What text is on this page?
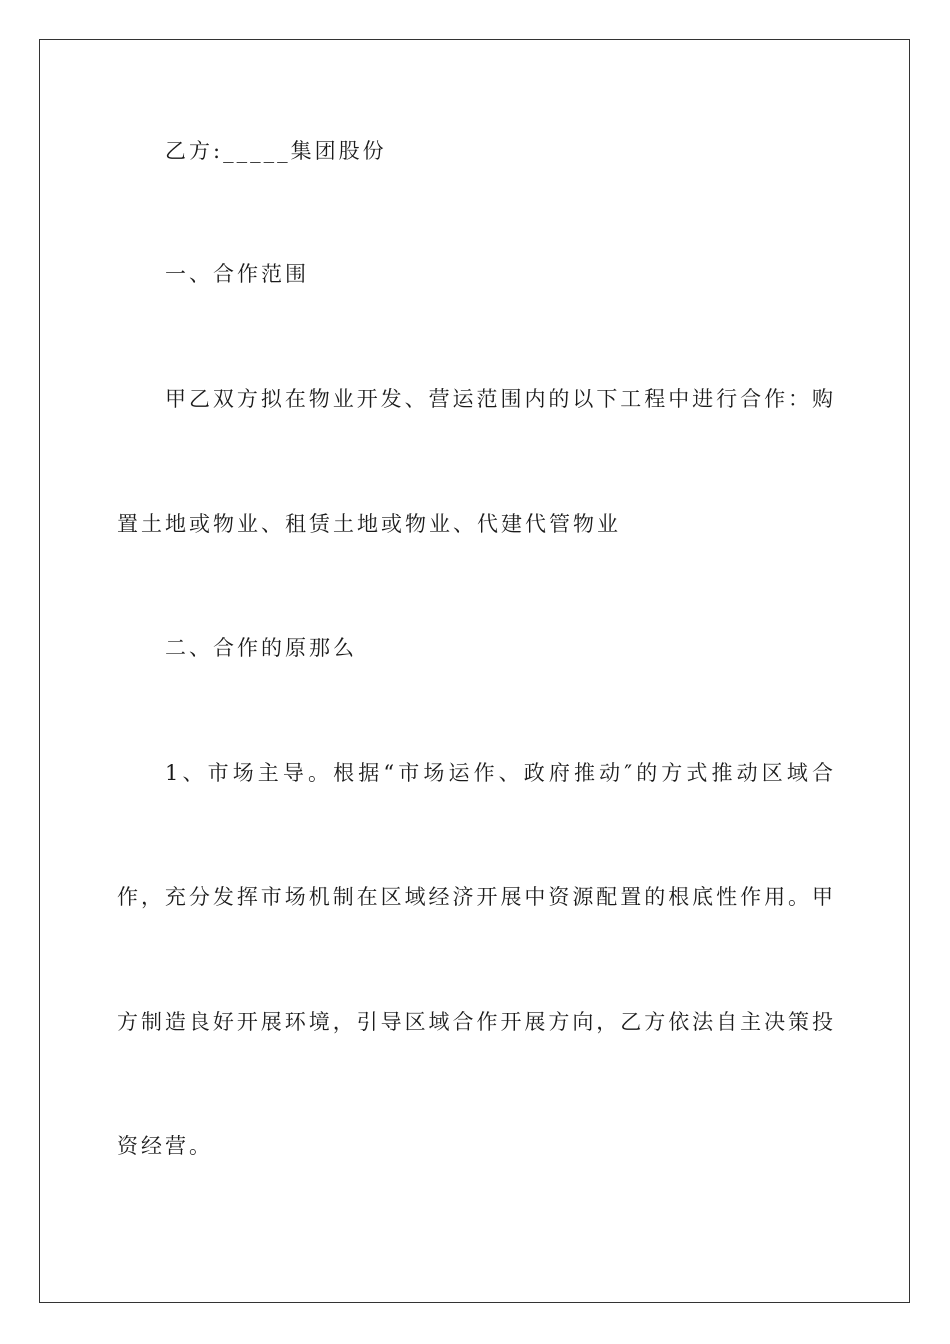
乙方:_____集团股份
一、合作范围
甲乙双方拟在物业开发、营运范围内的以下工程中进行合作：购
置土地或物业、租赁土地或物业、代建代管物业
二、合作的原那么
1、市场主导。根据“市场运作、政府推动″的方式推动区域合
作，充分发挥市场机制在区域经济开展中资源配置的根底性作用。甲
方制造良好开展环境，引导区域合作开展方向，乙方依法自主决策投
资经营。
